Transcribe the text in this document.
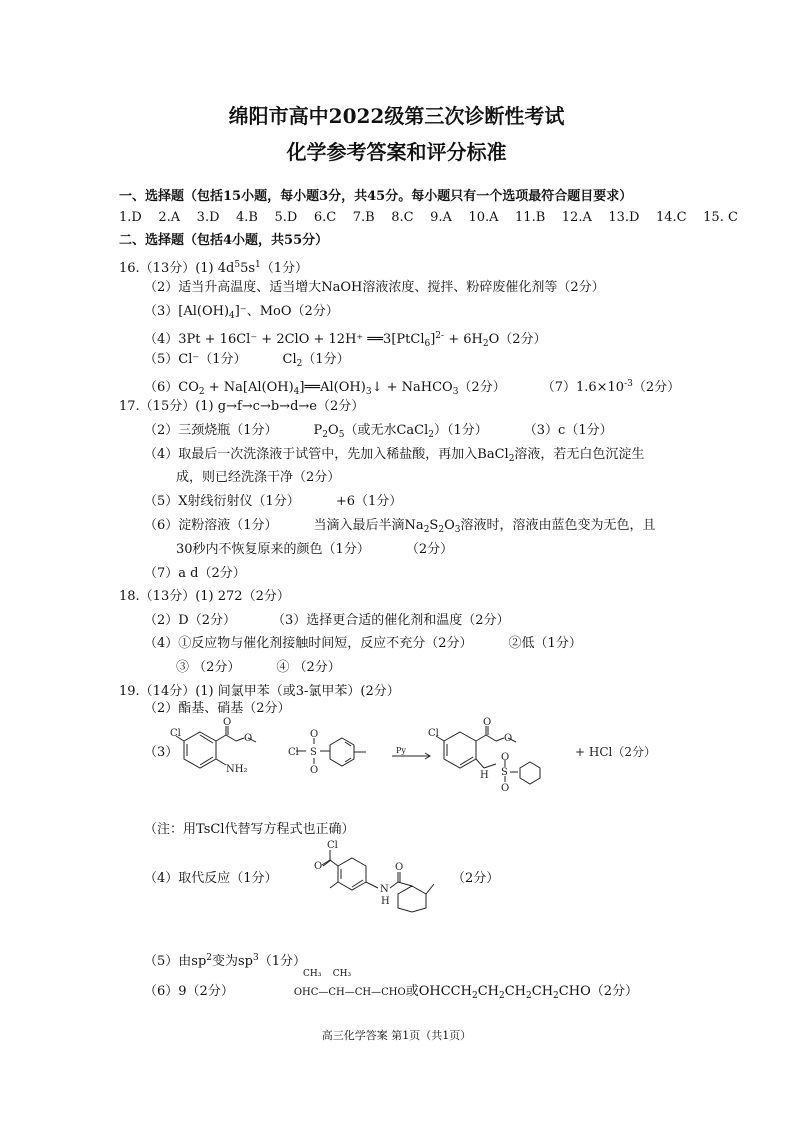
绵阳市高中2022级第三次诊断性考试
化学参考答案和评分标准
一、选择题（包括15小题，每小题3分，共45分。每小题只有一个选项最符合题目要求）
1.D    2.A    3.D    4.B    5.D    6.C    7.B    8.C    9.A    10.A    11.B    12.A    13.D    14.C    15. C
二、选择题（包括4小题，共55分）
16.（13分）(1) $4d^55s^1(1$分）
（2）适当升高温度、适当增大NaOH溶液浓度、搅拌、粉碎废催化剂等（2分）
$(3)[Al(OH)_4]^-$、MoO（2分）
（4）3Pt + 16Cl⁻ + 2ClO + 12H⁺ ══3[PtCl$_6$]$^{2-}$ + $6H_2O(2$分）
（5）Cl⁻（1分）	$Cl_2(1$分）
$(6)CO_2$ + $Na[Al(OH)_4]══Al(OH)_3↓$ + NaHCO$_3$（2分）	$(7)1.6\times 10^{-3}(2$分）
17.（15分）(1) g→f→c→b→d→e（2分）
（2）三颈烧瓶（1分）	$P_2O_5$（或无水CaCl$_2$）（1分）	（3）c（1分）
（4）取最后一次洗涤液于试管中，先加入稀盐酸，再加入BaCl$_2$溶液，若无白色沉淀生
成，则已经洗涤干净（2分）
（5）X射线衍射仪（1分）	+6（1分）
（6）淀粉溶液（1分）	当滴入最后半滴$Na_2S_2O_3$溶液时，溶液由蓝色变为无色，且
30秒内不恢复原来的颜色（1分）	（2分）
（7）a d（2分）
18.（13分）(1) 272（2分）
（2）D（2分）	（3）选择更合适的催化剂和温度（2分）
（4）①反应物与催化剂接触时间短，反应不充分（2分）	②低（1分）
③ （2分）	④ （2分）
19.（14分）(1) 间氯甲苯（或3-氯甲苯）(2分）
（2）酯基、硝基（2分）
（3）
Cl
O
O
NH₂
Cl S
O
O
Py
Cl
O
O
H S
O
O
+ HCl（2分）
（注：用TsCl代替写方程式也正确）
（4）取代反应（1分）
Cl
O
N
H
O
（2分）
（5）由$sp^2$变为$sp^3(1$分）
CH₃ CH₃
（6）9（2分）	OHC—CH—CH—CHO或$OHCCH_2CH_2CH_2CH_2CHO(2$分）
高三化学答案 第1页（共1页）
